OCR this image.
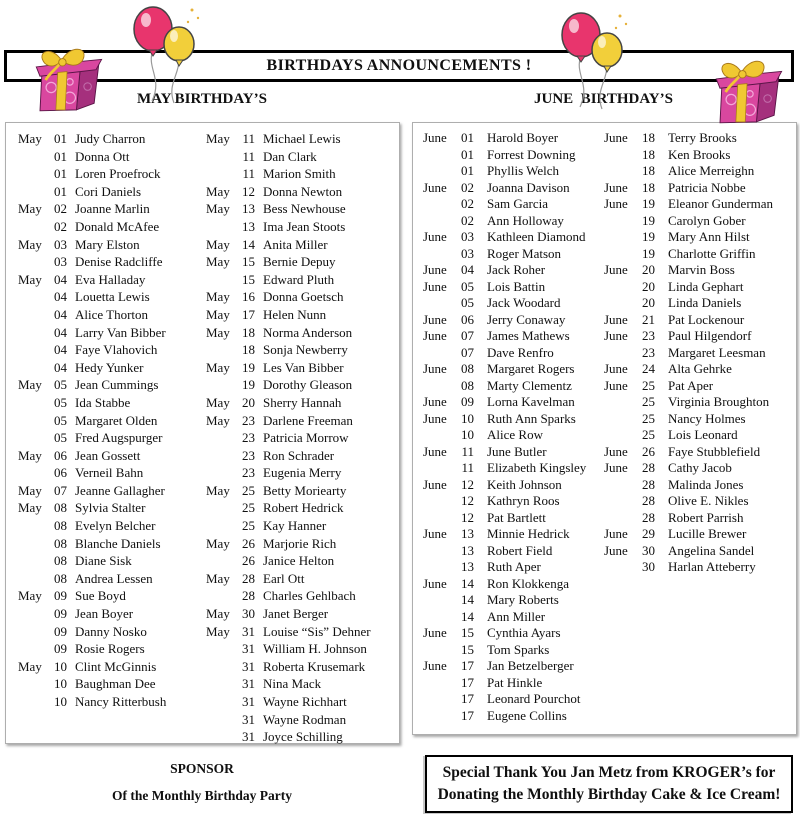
BIRTHDAYS ANNOUNCEMENTS !
MAY BIRTHDAY’S	JUNE  BIRTHDAY’S
May 01 Judy Charron
01 Donna Ott
01 Loren Proefrock
01 Cori Daniels
May 02 Joanne Marlin
02 Donald McAfee
May 03 Mary Elston
03 Denise Radcliffe
May 04 Eva Halladay
04 Louetta Lewis
04 Alice Thorton
04 Larry Van Bibber
04 Faye Vlahovich
04 Hedy Yunker
May 05 Jean Cummings
05 Ida Stabbe
05 Margaret Olden
05 Fred Augspurger
May 06 Jean Gossett
06 Verneil Bahn
May 07 Jeanne Gallagher
May 08 Sylvia Stalter
08 Evelyn Belcher
08 Blanche Daniels
08 Diane Sisk
08 Andrea Lessen
May 09 Sue Boyd
09 Jean Boyer
09 Danny Nosko
09 Rosie Rogers
May 10 Clint McGinnis
10 Baughman Dee
10 Nancy Ritterbush
May 11 Michael Lewis
11 Dan Clark
11 Marion Smith
May 12 Donna Newton
May 13 Bess Newhouse
13 Ima Jean Stoots
May 14 Anita Miller
May 15 Bernie Depuy
15 Edward Pluth
May 16 Donna Goetsch
May 17 Helen Nunn
May 18 Norma Anderson
18 Sonja Newberry
May 19 Les Van Bibber
19 Dorothy Gleason
May 20 Sherry Hannah
May 23 Darlene Freeman
23 Patricia Morrow
23 Ron Schrader
23 Eugenia Merry
May 25 Betty Moriearty
25 Robert Hedrick
25 Kay Hanner
May 26 Marjorie Rich
26 Janice Helton
May 28 Earl Ott
28 Charles Gehlbach
May 30 Janet Berger
May 31 Louise “Sis” Dehner
31 William H. Johnson
31 Roberta Krusemark
31 Nina Mack
31 Wayne Richhart
31 Wayne Rodman
31 Joyce Schilling
June	01 Harold Boyer
01 Forrest Downing
01 Phyllis Welch
June	02 Joanna Davison
02 Sam Garcia
02 Ann Holloway
June	03 Kathleen Diamond
03 Roger Matson
June	04 Jack Roher
June	05 Lois Battin
05 Jack Woodard
June	06 Jerry Conaway
June	07 James Mathews
07 Dave Renfro
June	08 Margaret Rogers
08 Marty Clementz
June	09 Lorna Kavelman
June	10 Ruth Ann Sparks
10 Alice Row
June	11 June Butler
11 Elizabeth Kingsley
June	12 Keith Johnson
12 Kathryn Roos
12 Pat Bartlett
June	13 Minnie Hedrick
13 Robert Field
13 Ruth Aper
June	14 Ron Klokkenga
14 Mary Roberts
14 Ann Miller
June	15 Cynthia Ayars
15 Tom Sparks
June	17 Jan Betzelberger
17 Pat Hinkle
17 Leonard Pourchot
17 Eugene Collins
June	18 Terry Brooks
18 Ken Brooks
18 Alice Merreighn
June	18 Patricia Nobbe
June	19 Eleanor Gunderman
19 Carolyn Gober
19 Mary Ann Hilst
19 Charlotte Griffin
June	20 Marvin Boss
20 Linda Gephart
20 Linda Daniels
June	21 Pat Lockenour
June	23 Paul Hilgendorf
23 Margaret Leesman
June	24 Alta Gehrke
June	25 Pat Aper
25 Virginia Broughton
25 Nancy Holmes
25 Lois Leonard
June	26 Faye Stubblefield
June	28 Cathy Jacob
28 Malinda Jones
28 Olive E. Nikles
28 Robert Parrish
June	29 Lucille Brewer
June	30 Angelina Sandel
30 Harlan Atteberry
SPONSOR
Of the Monthly Birthday Party
Special Thank You Jan Metz from KROGER’s for
Donating the Monthly Birthday Cake & Ice Cream!
